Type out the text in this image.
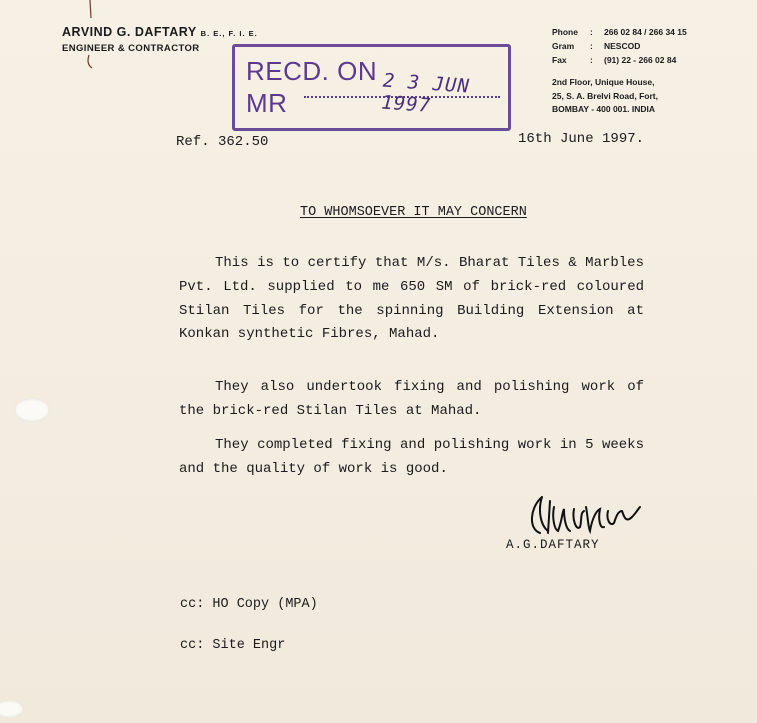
ARVIND G. DAFTARY B. E., F. I. E.
ENGINEER & CONTRACTOR
Phone	:	266 02 84 / 266 34 15
Gram	:	NESCOD
Fax	:	(91) 22 - 266 02 84
2nd Floor, Unique House,
25, S. A. Brelvi Road, Fort,
BOMBAY - 400 001. INDIA
RECD. ON
MR
2 3 JUN 1997
Ref. 362.50	16th June 1997.
TO WHOMSOEVER IT MAY CONCERN
This is to certify that M/s. Bharat Tiles & Marbles Pvt. Ltd. supplied to me 650 SM of brick-red coloured Stilan Tiles for the spinning Building Extension at Konkan synthetic Fibres, Mahad.
They also undertook fixing and polishing work of the brick-red Stilan Tiles at Mahad.
They completed fixing and polishing work in 5 weeks and the quality of work is good.
A.G.DAFTARY
cc: HO Copy (MPA)
cc: Site Engr
